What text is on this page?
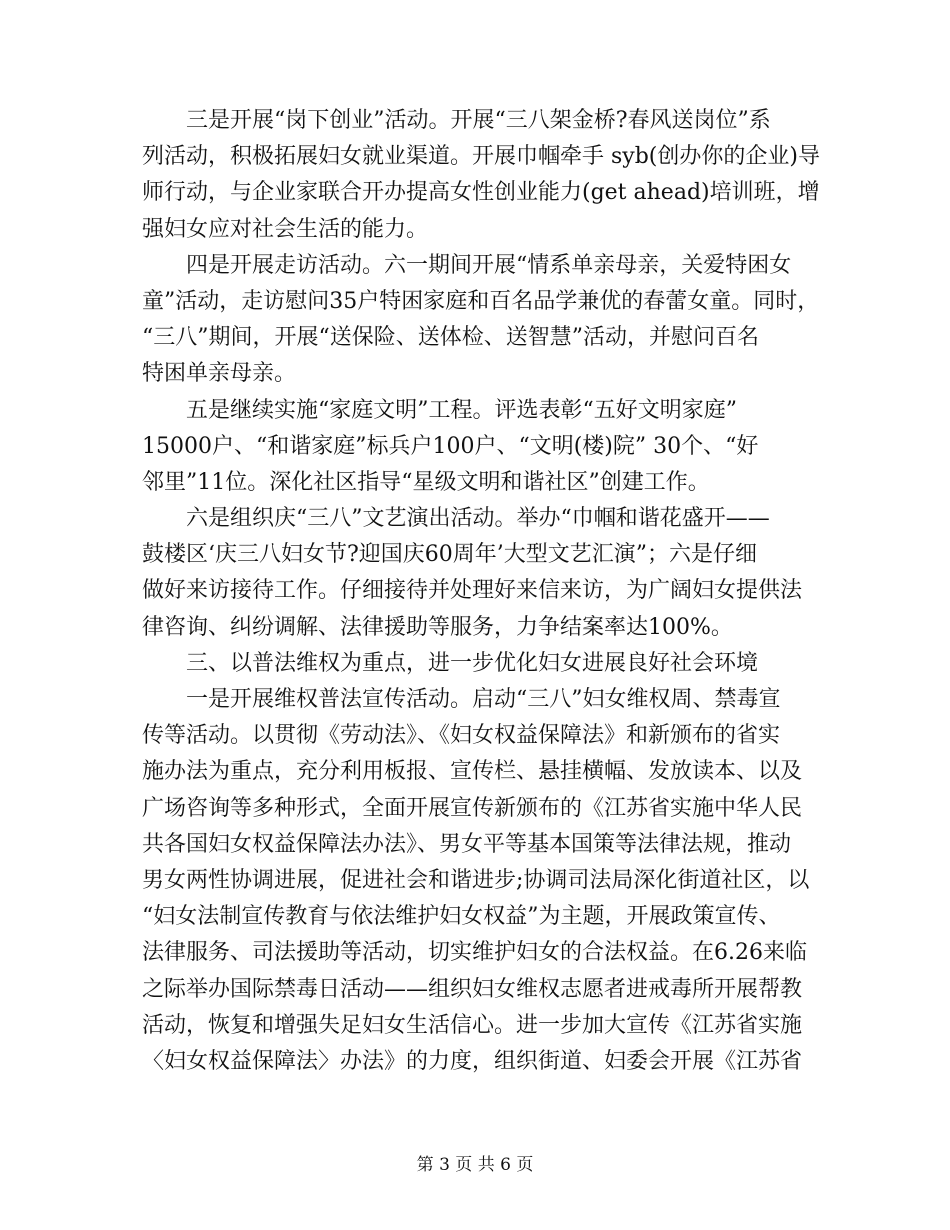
三是开展“岗下创业”活动。开展“三八架金桥?春风送岗位”系
列活动，积极拓展妇女就业渠道。开展巾帼牵手 syb(创办你的企业)导
师行动，与企业家联合开办提高女性创业能力(get ahead)培训班，增
强妇女应对社会生活的能力。
四是开展走访活动。六一期间开展“情系单亲母亲，关爱特困女
童”活动，走访慰问35户特困家庭和百名品学兼优的春蕾女童。同时，
“三八”期间，开展“送保险、送体检、送智慧”活动，并慰问百名
特困单亲母亲。
五是继续实施“家庭文明”工程。评选表彰“五好文明家庭”
15000户、“和谐家庭”标兵户100户、“文明(楼)院” 30个、“好
邻里”11位。深化社区指导“星级文明和谐社区”创建工作。
六是组织庆“三八”文艺演出活动。举办“巾帼和谐花盛开——
鼓楼区‘庆三八妇女节?迎国庆60周年’大型文艺汇演”；六是仔细
做好来访接待工作。仔细接待并处理好来信来访，为广阔妇女提供法
律咨询、纠纷调解、法律援助等服务，力争结案率达100%。
三、以普法维权为重点，进一步优化妇女进展良好社会环境
一是开展维权普法宣传活动。启动“三八”妇女维权周、禁毒宣
传等活动。以贯彻《劳动法》、《妇女权益保障法》和新颁布的省实
施办法为重点，充分利用板报、宣传栏、悬挂横幅、发放读本、以及
广场咨询等多种形式，全面开展宣传新颁布的《江苏省实施中华人民
共各国妇女权益保障法办法》、男女平等基本国策等法律法规，推动
男女两性协调进展，促进社会和谐进步;协调司法局深化街道社区，以
“妇女法制宣传教育与依法维护妇女权益”为主题，开展政策宣传、
法律服务、司法援助等活动，切实维护妇女的合法权益。在6.26来临
之际举办国际禁毒日活动——组织妇女维权志愿者进戒毒所开展帮教
活动，恢复和增强失足妇女生活信心。进一步加大宣传《江苏省实施
〈妇女权益保障法〉办法》的力度，组织街道、妇委会开展《江苏省
第 3 页 共 6 页
